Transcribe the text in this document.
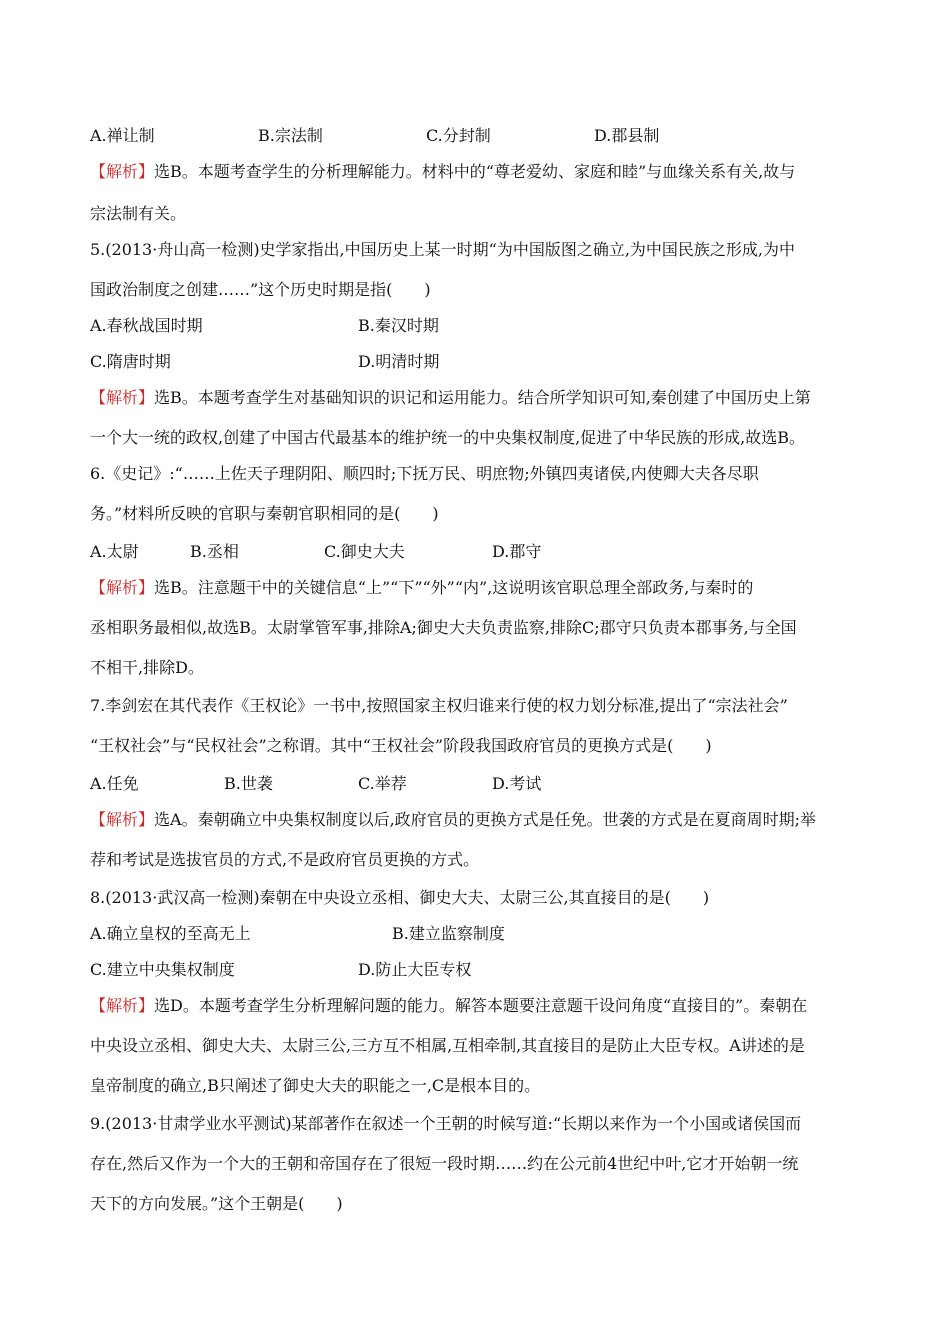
A.禅让制	B.宗法制	C.分封制	D.郡县制
【解析】选B。本题考查学生的分析理解能力。材料中的“尊老爱幼、家庭和睦”与血缘关系有关,故与
宗法制有关。
5.(2013·舟山高一检测)史学家指出,中国历史上某一时期“为中国版图之确立,为中国民族之形成,为中
国政治制度之创建……”这个历史时期是指(　　)
A.春秋战国时期	B.秦汉时期
C.隋唐时期	D.明清时期
【解析】选B。本题考查学生对基础知识的识记和运用能力。结合所学知识可知,秦创建了中国历史上第
一个大一统的政权,创建了中国古代最基本的维护统一的中央集权制度,促进了中华民族的形成,故选B。
6.《史记》:“……上佐天子理阴阳、顺四时;下抚万民、明庶物;外镇四夷诸侯,内使卿大夫各尽职
务。”材料所反映的官职与秦朝官职相同的是(　　)
A.太尉	B.丞相	C.御史大夫	D.郡守
【解析】选B。注意题干中的关键信息“上”“下”“外”“内”,这说明该官职总理全部政务,与秦时的
丞相职务最相似,故选B。太尉掌管军事,排除A;御史大夫负责监察,排除C;郡守只负责本郡事务,与全国
不相干,排除D。
7.李剑宏在其代表作《王权论》一书中,按照国家主权归谁来行使的权力划分标准,提出了“宗法社会”
“王权社会”与“民权社会”之称谓。其中“王权社会”阶段我国政府官员的更换方式是(　　)
A.任免	B.世袭	C.举荐	D.考试
【解析】选A。秦朝确立中央集权制度以后,政府官员的更换方式是任免。世袭的方式是在夏商周时期;举
荐和考试是选拔官员的方式,不是政府官员更换的方式。
8.(2013·武汉高一检测)秦朝在中央设立丞相、御史大夫、太尉三公,其直接目的是(　　)
A.确立皇权的至高无上	B.建立监察制度
C.建立中央集权制度	D.防止大臣专权
【解析】选D。本题考查学生分析理解问题的能力。解答本题要注意题干设问角度“直接目的”。秦朝在
中央设立丞相、御史大夫、太尉三公,三方互不相属,互相牵制,其直接目的是防止大臣专权。A讲述的是
皇帝制度的确立,B只阐述了御史大夫的职能之一,C是根本目的。
9.(2013·甘肃学业水平测试)某部著作在叙述一个王朝的时候写道:“长期以来作为一个小国或诸侯国而
存在,然后又作为一个大的王朝和帝国存在了很短一段时期……约在公元前4世纪中叶,它才开始朝一统
天下的方向发展。”这个王朝是(　　)
